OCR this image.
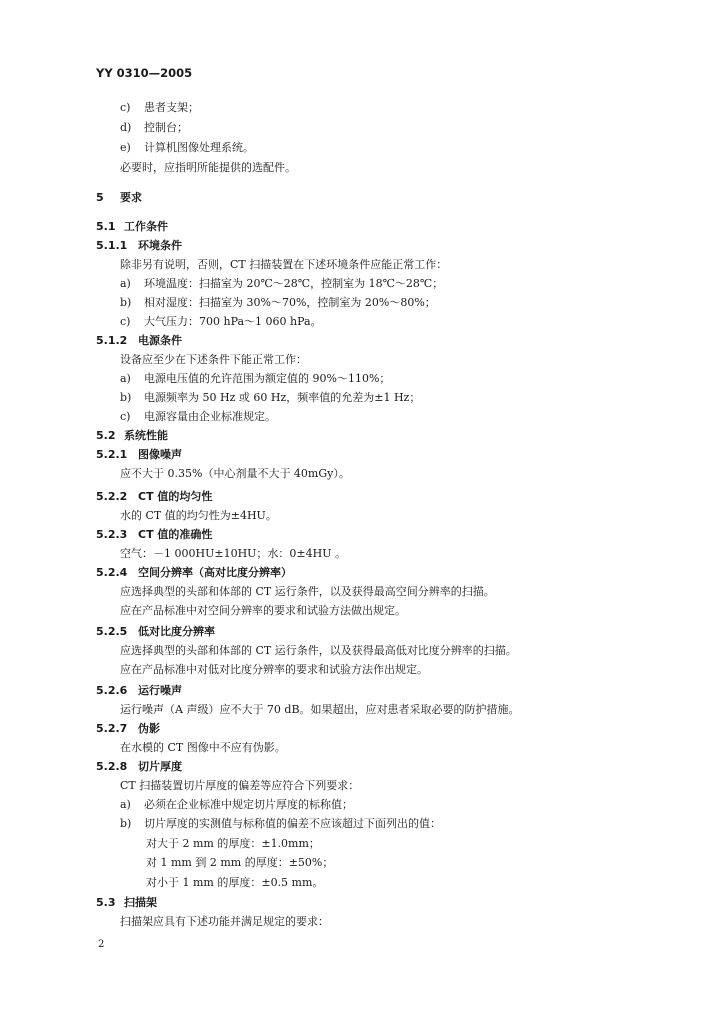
YY 0310—2005
c) 患者支架；
d) 控制台；
e) 计算机图像处理系统。
必要时，应指明所能提供的选配件。
5 要求
5.1 工作条件
5.1.1 环境条件
除非另有说明，否则，CT 扫描装置在下述环境条件应能正常工作：
a) 环境温度：扫描室为 20℃～28℃，控制室为 18℃～28℃；
b) 相对湿度：扫描室为 30%～70%，控制室为 20%～80%；
c) 大气压力：700 hPa～1 060 hPa。
5.1.2 电源条件
设备应至少在下述条件下能正常工作：
a) 电源电压值的允许范围为额定值的 90%～110%；
b) 电源频率为 50 Hz 或 60 Hz，频率值的允差为±1 Hz；
c) 电源容量由企业标准规定。
5.2 系统性能
5.2.1 图像噪声
应不大于 0.35%（中心剂量不大于 40mGy）。
5.2.2 CT 值的均匀性
水的 CT 值的均匀性为±4HU。
5.2.3 CT 值的准确性
空气：－1 000HU±10HU；水：0±4HU 。
5.2.4 空间分辨率（高对比度分辨率）
应选择典型的头部和体部的 CT 运行条件，以及获得最高空间分辨率的扫描。
应在产品标准中对空间分辨率的要求和试验方法做出规定。
5.2.5 低对比度分辨率
应选择典型的头部和体部的 CT 运行条件，以及获得最高低对比度分辨率的扫描。
应在产品标准中对低对比度分辨率的要求和试验方法作出规定。
5.2.6 运行噪声
运行噪声（A 声级）应不大于 70 dB。如果超出，应对患者采取必要的防护措施。
5.2.7 伪影
在水模的 CT 图像中不应有伪影。
5.2.8 切片厚度
CT 扫描装置切片厚度的偏差等应符合下列要求：
a) 必须在企业标准中规定切片厚度的标称值；
b) 切片厚度的实测值与标称值的偏差不应该超过下面列出的值：
对大于 2 mm 的厚度：±1.0mm；
对 1 mm 到 2 mm 的厚度：±50%；
对小于 1 mm 的厚度：±0.5 mm。
5.3 扫描架
扫描架应具有下述功能并满足规定的要求：
2
